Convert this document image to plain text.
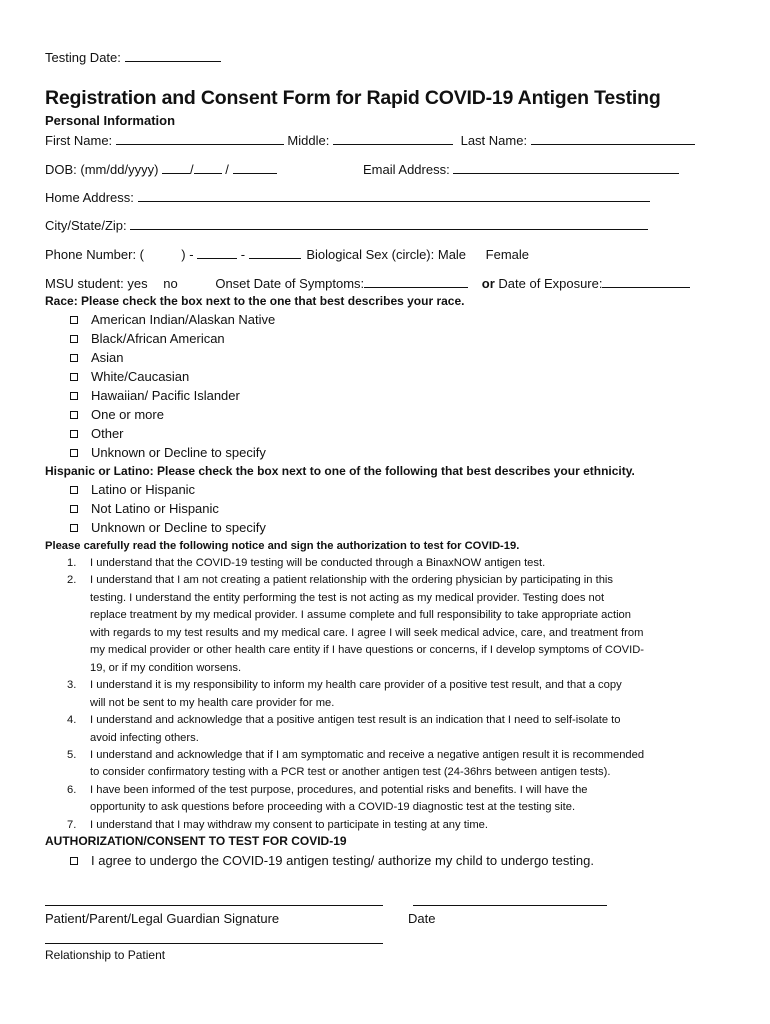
Testing Date:
Registration and Consent Form for Rapid COVID-19 Antigen Testing
Personal Information
First Name:	Middle:	Last Name:
DOB: (mm/dd/yyyy) / /	Email Address:
Home Address:
City/State/Zip:
Phone Number: (	) -	-	Biological Sex (circle): Male Female
MSU student: yes no	Onset Date of Symptoms:	or Date of Exposure:
Race: Please check the box next to the one that best describes your race.
American Indian/Alaskan Native
Black/African American
Asian
White/Caucasian
Hawaiian/ Pacific Islander
One or more
Other
Unknown or Decline to specify
Hispanic or Latino: Please check the box next to one of the following that best describes your ethnicity.
Latino or Hispanic
Not Latino or Hispanic
Unknown or Decline to specify
Please carefully read the following notice and sign the authorization to test for COVID-19.
1. I understand that the COVID-19 testing will be conducted through a BinaxNOW antigen test.
2. I understand that I am not creating a patient relationship with the ordering physician by participating in this
testing. I understand the entity performing the test is not acting as my medical provider. Testing does not
replace treatment by my medical provider. I assume complete and full responsibility to take appropriate action
with regards to my test results and my medical care. I agree I will seek medical advice, care, and treatment from
my medical provider or other health care entity if I have questions or concerns, if I develop symptoms of COVID-
19, or if my condition worsens.
3. I understand it is my responsibility to inform my health care provider of a positive test result, and that a copy
will not be sent to my health care provider for me.
4. I understand and acknowledge that a positive antigen test result is an indication that I need to self-isolate to
avoid infecting others.
5. I understand and acknowledge that if I am symptomatic and receive a negative antigen result it is recommended
to consider confirmatory testing with a PCR test or another antigen test (24-36hrs between antigen tests).
6. I have been informed of the test purpose, procedures, and potential risks and benefits. I will have the
opportunity to ask questions before proceeding with a COVID-19 diagnostic test at the testing site.
7. I understand that I may withdraw my consent to participate in testing at any time.
AUTHORIZATION/CONSENT TO TEST FOR COVID-19
I agree to undergo the COVID-19 antigen testing/ authorize my child to undergo testing.
Patient/Parent/Legal Guardian Signature	Date
Relationship to Patient
